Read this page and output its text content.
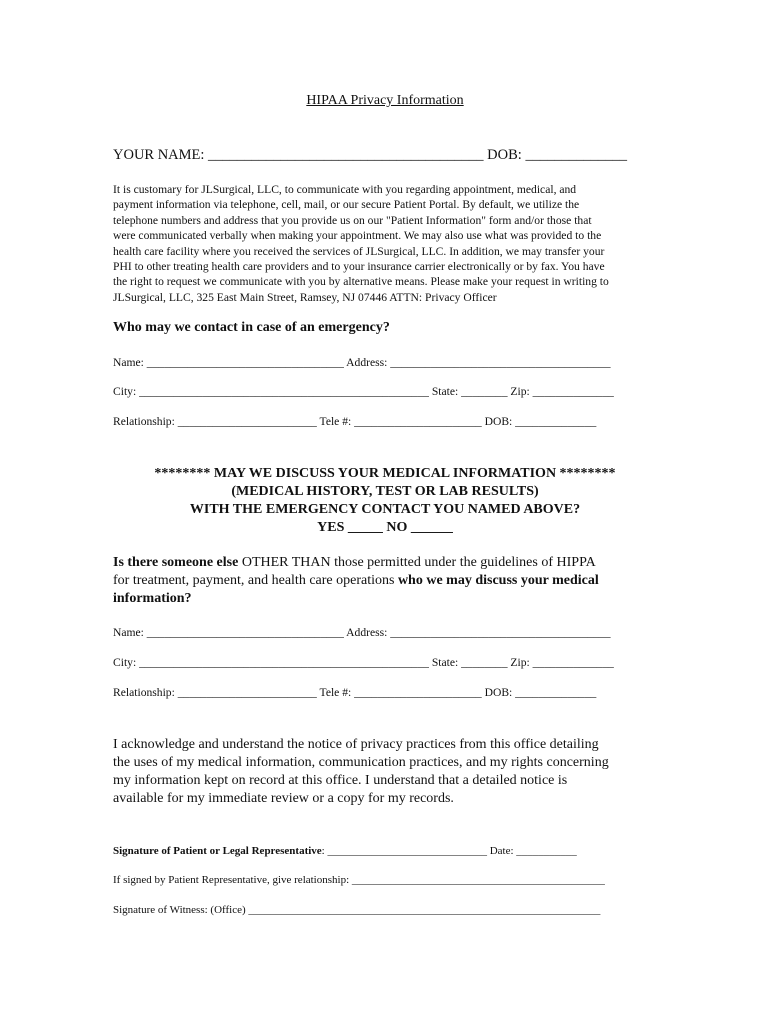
HIPAA Privacy Information
YOUR NAME: ______________________________________ DOB: ______________
It is customary for JLSurgical, LLC, to communicate with you regarding appointment, medical, and
payment information via telephone, cell, mail, or our secure Patient Portal. By default, we utilize the
telephone numbers and address that you provide us on our "Patient Information" form and/or those that
were communicated verbally when making your appointment. We may also use what was provided to the
health care facility where you received the services of JLSurgical, LLC. In addition, we may transfer your
PHI to other treating health care providers and to your insurance carrier electronically or by fax. You have
the right to request we communicate with you by alternative means. Please make your request in writing to
JLSurgical, LLC, 325 East Main Street, Ramsey, NJ 07446 ATTN: Privacy Officer
Who may we contact in case of an emergency?
Name: __________________________________ Address: ______________________________________
City: __________________________________________________ State: ________ Zip: ______________
Relationship: ________________________ Tele #: ______________________ DOB: ______________
******** MAY WE DISCUSS YOUR MEDICAL INFORMATION ********
(MEDICAL HISTORY, TEST OR LAB RESULTS)
WITH THE EMERGENCY CONTACT YOU NAMED ABOVE?
YES _____ NO ______
Is there someone else OTHER THAN those permitted under the guidelines of HIPPA
for treatment, payment, and health care operations who we may discuss your medical
information?
Name: __________________________________ Address: ______________________________________
City: __________________________________________________ State: ________ Zip: ______________
Relationship: ________________________ Tele #: ______________________ DOB: ______________
I acknowledge and understand the notice of privacy practices from this office detailing
the uses of my medical information, communication practices, and my rights concerning
my information kept on record at this office. I understand that a detailed notice is
available for my immediate review or a copy for my records.
Signature of Patient or Legal Representative: _____________________________ Date: ___________
If signed by Patient Representative, give relationship: ______________________________________________
Signature of Witness: (Office) ________________________________________________________________
